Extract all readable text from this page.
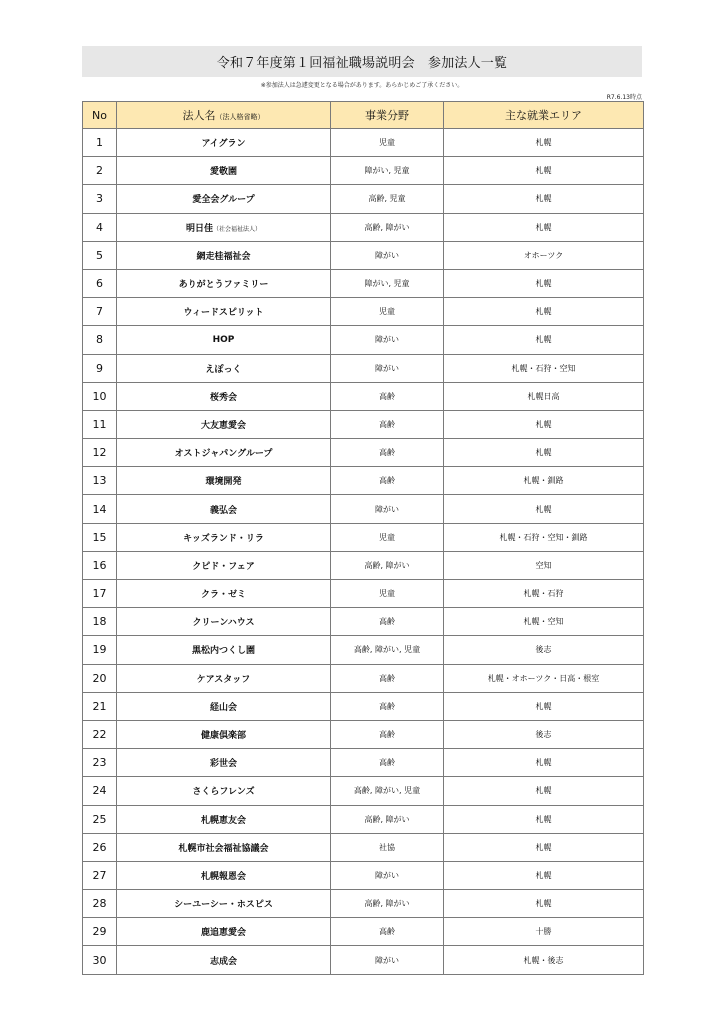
令和７年度第１回福祉職場説明会　参加法人一覧
※参加法人は急遽変更となる場合があります。あらかじめご了承ください。
R7.6.13時点
No	法人名（法人格省略）	事業分野	主な就業エリア
1	アイグラン	児童	札幌
2	愛敬園	障がい, 児童	札幌
3	愛全会グループ	高齢, 児童	札幌
4	明日佳（社会福祉法人）	高齢, 障がい	札幌
5	網走桂福祉会	障がい	オホーツク
6	ありがとうファミリー	障がい, 児童	札幌
7	ウィードスピリット	児童	札幌
8	HOP	障がい	札幌
9	えぽっく	障がい	札幌・石狩・空知
10	桜秀会	高齢	札幌日高
11	大友恵愛会	高齢	札幌
12	オストジャパングループ	高齢	札幌
13	環境開発	高齢	札幌・釧路
14	義弘会	障がい	札幌
15	キッズランド・リラ	児童	札幌・石狩・空知・釧路
16	クピド・フェア	高齢, 障がい	空知
17	クラ・ゼミ	児童	札幌・石狩
18	クリーンハウス	高齢	札幌・空知
19	黒松内つくし園	高齢, 障がい, 児童	後志
20	ケアスタッフ	高齢	札幌・オホーツク・日高・根室
21	経山会	高齢	札幌
22	健康倶楽部	高齢	後志
23	彩世会	高齢	札幌
24	さくらフレンズ	高齢, 障がい, 児童	札幌
25	札幌恵友会	高齢, 障がい	札幌
26	札幌市社会福祉協議会	社協	札幌
27	札幌報恩会	障がい	札幌
28	シーユーシー・ホスピス	高齢, 障がい	札幌
29	鹿追恵愛会	高齢	十勝
30	志成会	障がい	札幌・後志
